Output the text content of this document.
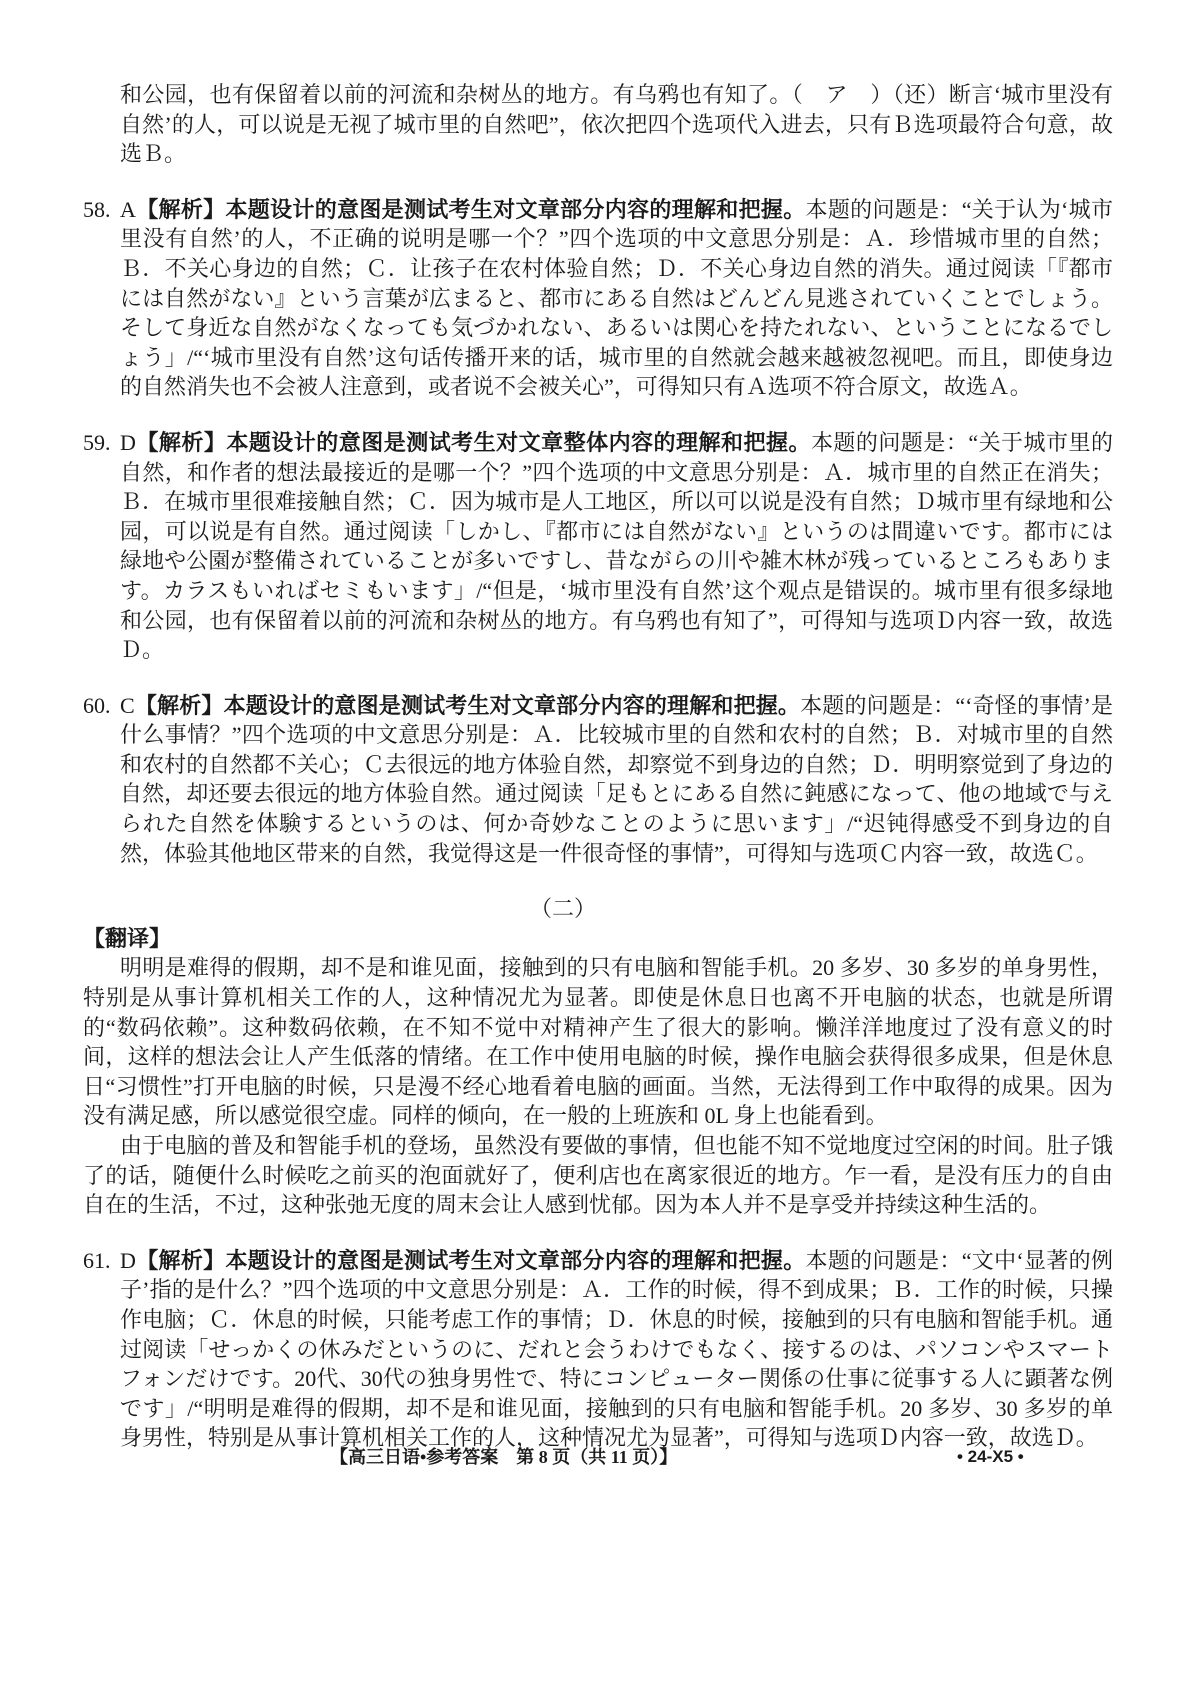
和公园，也有保留着以前的河流和杂树丛的地方。有乌鸦也有知了。（　ア　）（还）断言‘城市里没有自然’的人，可以说是无视了城市里的自然吧”，依次把四个选项代入进去，只有Ｂ选项最符合句意，故选Ｂ。

58. A【解析】本题设计的意图是测试考生对文章部分内容的理解和把握。本题的问题是：“关于认为‘城市里没有自然’的人，不正确的说明是哪一个？”四个选项的中文意思分别是：Ａ．珍惜城市里的自然；Ｂ．不关心身边的自然；Ｃ．让孩子在农村体验自然；Ｄ．不关心身边自然的消失。通过阅读「『都市には自然がない』という言葉が広まると、都市にある自然はどんどん見逃されていくことでしょう。そして身近な自然がなくなっても気づかれない、あるいは関心を持たれない、ということになるでしょう」/“‘城市里没有自然’这句话传播开来的话，城市里的自然就会越来越被忽视吧。而且，即使身边的自然消失也不会被人注意到，或者说不会被关心”，可得知只有Ａ选项不符合原文，故选Ａ。
59. D【解析】本题设计的意图是测试考生对文章整体内容的理解和把握。本题的问题是：“关于城市里的自然，和作者的想法最接近的是哪一个？”四个选项的中文意思分别是：Ａ．城市里的自然正在消失；Ｂ．在城市里很难接触自然；Ｃ．因为城市是人工地区，所以可以说是没有自然；Ｄ城市里有绿地和公园，可以说是有自然。通过阅读「しかし、『都市には自然がない』というのは間違いです。都市には緑地や公園が整備されていることが多いですし、昔ながらの川や雑木林が残っているところもあります。カラスもいればセミもいます」/“但是，‘城市里没有自然’这个观点是错误的。城市里有很多绿地和公园，也有保留着以前的河流和杂树丛的地方。有乌鸦也有知了”，可得知与选项Ｄ内容一致，故选Ｄ。
60. C【解析】本题设计的意图是测试考生对文章部分内容的理解和把握。本题的问题是：“‘奇怪的事情’是什么事情？”四个选项的中文意思分别是：Ａ．比较城市里的自然和农村的自然；Ｂ．对城市里的自然和农村的自然都不关心；Ｃ去很远的地方体验自然，却察觉不到身边的自然；Ｄ．明明察觉到了身边的自然，却还要去很远的地方体验自然。通过阅读「足もとにある自然に鈍感になって、他の地域で与えられた自然を体験するというのは、何か奇妙なことのように思います」/“迟钝得感受不到身边的自然，体验其他地区带来的自然，我觉得这是一件很奇怪的事情”，可得知与选项Ｃ内容一致，故选Ｃ。
（二）
【翻译】

明明是难得的假期，却不是和谁见面，接触到的只有电脑和智能手机。20 多岁、30 多岁的单身男性，特别是从事计算机相关工作的人，这种情况尤为显著。即使是休息日也离不开电脑的状态，也就是所谓的“数码依赖”。这种数码依赖，在不知不觉中对精神产生了很大的影响。懒洋洋地度过了没有意义的时间，这样的想法会让人产生低落的情绪。在工作中使用电脑的时候，操作电脑会获得很多成果，但是休息日“习惯性”打开电脑的时候，只是漫不经心地看着电脑的画面。当然，无法得到工作中取得的成果。因为没有满足感，所以感觉很空虚。同样的倾向，在一般的上班族和 0L 身上也能看到。

由于电脑的普及和智能手机的登场，虽然没有要做的事情，但也能不知不觉地度过空闲的时间。肚子饿了的话，随便什么时候吃之前买的泡面就好了，便利店也在离家很近的地方。乍一看，是没有压力的自由自在的生活，不过，这种张弛无度的周末会让人感到忧郁。因为本人并不是享受并持续这种生活的。

61. D【解析】本题设计的意图是测试考生对文章部分内容的理解和把握。本题的问题是：“文中‘显著的例子’指的是什么？”四个选项的中文意思分别是：Ａ．工作的时候，得不到成果；Ｂ．工作的时候，只操作电脑；Ｃ．休息的时候，只能考虑工作的事情；Ｄ．休息的时候，接触到的只有电脑和智能手机。通过阅读「せっかくの休みだというのに、だれと会うわけでもなく、接するのは、パソコンやスマートフォンだけです。20代、30代の独身男性で、特にコンピューター関係の仕事に従事する人に顕著な例です」/“明明是难得的假期，却不是和谁见面，接触到的只有电脑和智能手机。20 多岁、30 多岁的单身男性，特别是从事计算机相关工作的人，这种情况尤为显著”，可得知与选项Ｄ内容一致，故选Ｄ。
【高三日语•参考答案　第 8 页（共 11 页）】	• 24-X5 •
